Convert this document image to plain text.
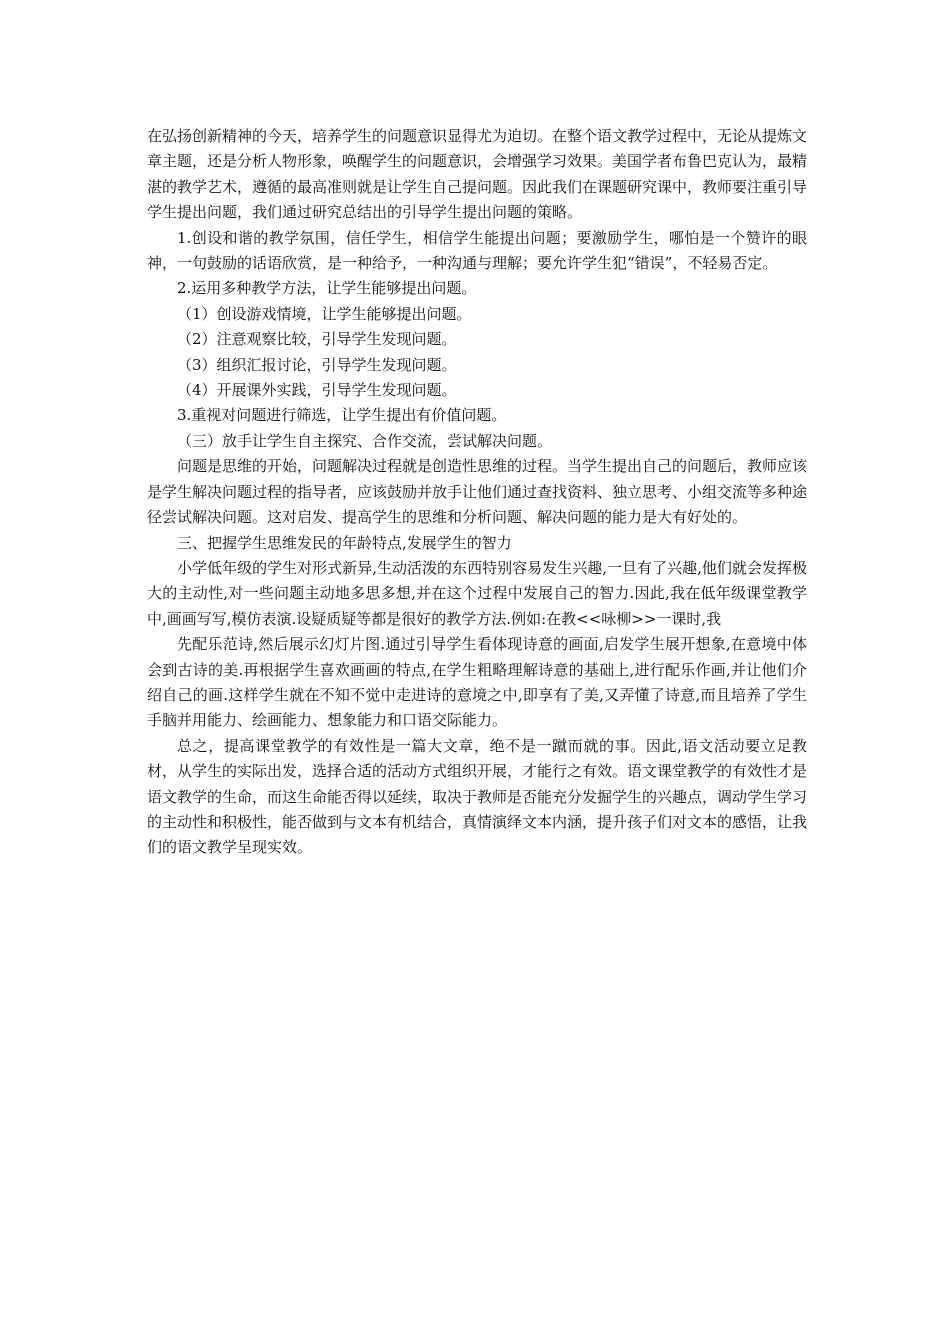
在弘扬创新精神的今天，培养学生的问题意识显得尤为迫切。在整个语文教学过程中，无论从提炼文章主题，还是分析人物形象，唤醒学生的问题意识，会增强学习效果。美国学者布鲁巴克认为，最精湛的教学艺术，遵循的最高准则就是让学生自己提问题。因此我们在课题研究课中，教师要注重引导学生提出问题，我们通过研究总结出的引导学生提出问题的策略。

1.创设和谐的教学氛围，信任学生，相信学生能提出问题；要激励学生，哪怕是一个赞许的眼神，一句鼓励的话语欣赏，是一种给予，一种沟通与理解；要允许学生犯“错误”，不轻易否定。

2.运用多种教学方法，让学生能够提出问题。

（1）创设游戏情境，让学生能够提出问题。

（2）注意观察比较，引导学生发现问题。

（3）组织汇报讨论，引导学生发现问题。

（4）开展课外实践，引导学生发现问题。

3.重视对问题进行筛选，让学生提出有价值问题。

（三）放手让学生自主探究、合作交流，尝试解决问题。

问题是思维的开始，问题解决过程就是创造性思维的过程。当学生提出自己的问题后，教师应该是学生解决问题过程的指导者，应该鼓励并放手让他们通过查找资料、独立思考、小组交流等多种途径尝试解决问题。这对启发、提高学生的思维和分析问题、解决问题的能力是大有好处的。

三、把握学生思维发民的年龄特点,发展学生的智力

小学低年级的学生对形式新异,生动活泼的东西特别容易发生兴趣,一旦有了兴趣,他们就会发挥极大的主动性,对一些问题主动地多思多想,并在这个过程中发展自己的智力.因此,我在低年级课堂教学中,画画写写,模仿表演.设疑质疑等都是很好的教学方法.例如:在教<<咏柳>>一课时,我

先配乐范诗,然后展示幻灯片图.通过引导学生看体现诗意的画面,启发学生展开想象,在意境中体会到古诗的美.再根据学生喜欢画画的特点,在学生粗略理解诗意的基础上,进行配乐作画,并让他们介绍自己的画.这样学生就在不知不觉中走进诗的意境之中,即享有了美,又弄懂了诗意,而且培养了学生手脑并用能力、绘画能力、想象能力和口语交际能力。

总之，提高课堂教学的有效性是一篇大文章，绝不是一蹴而就的事。因此,语文活动要立足教材，从学生的实际出发，选择合适的活动方式组织开展，才能行之有效。语文课堂教学的有效性才是语文教学的生命，而这生命能否得以延续，取决于教师是否能充分发掘学生的兴趣点，调动学生学习的主动性和积极性，能否做到与文本有机结合，真情演绎文本内涵，提升孩子们对文本的感悟，让我们的语文教学呈现实效。
